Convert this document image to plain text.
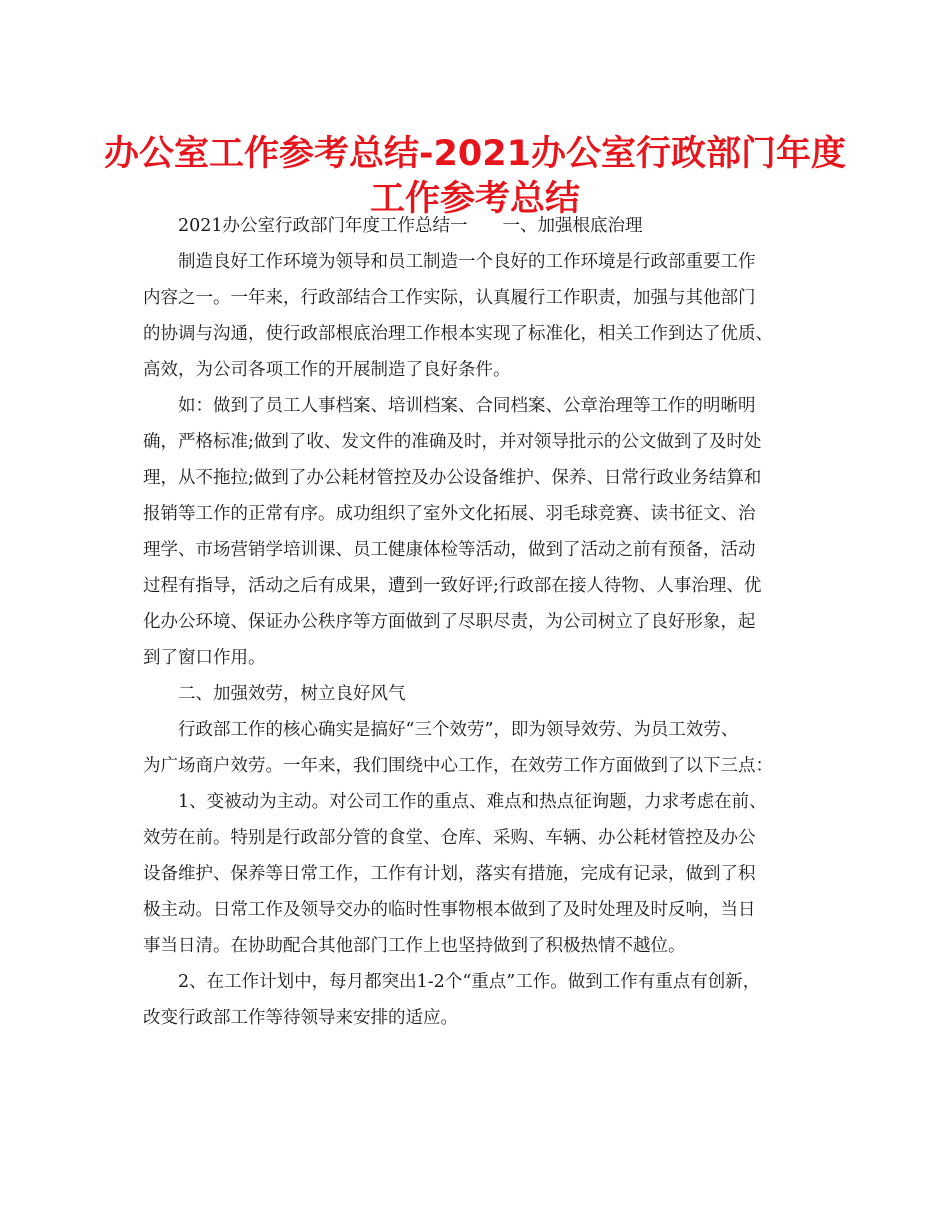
办公室工作参考总结-2021办公室行政部门年度
工作参考总结
2021办公室行政部门年度工作总结一　　一、加强根底治理
制造良好工作环境为领导和员工制造一个良好的工作环境是行政部重要工作
内容之一。一年来，行政部结合工作实际，认真履行工作职责，加强与其他部门
的协调与沟通，使行政部根底治理工作根本实现了标准化，相关工作到达了优质、
高效，为公司各项工作的开展制造了良好条件。
如：做到了员工人事档案、培训档案、合同档案、公章治理等工作的明晰明
确，严格标准;做到了收、发文件的准确及时，并对领导批示的公文做到了及时处
理，从不拖拉;做到了办公耗材管控及办公设备维护、保养、日常行政业务结算和
报销等工作的正常有序。成功组织了室外文化拓展、羽毛球竞赛、读书征文、治
理学、市场营销学培训课、员工健康体检等活动，做到了活动之前有预备，活动
过程有指导，活动之后有成果，遭到一致好评;行政部在接人待物、人事治理、优
化办公环境、保证办公秩序等方面做到了尽职尽责，为公司树立了良好形象，起
到了窗口作用。
二、加强效劳，树立良好风气
行政部工作的核心确实是搞好“三个效劳”，即为领导效劳、为员工效劳、
为广场商户效劳。一年来，我们围绕中心工作，在效劳工作方面做到了以下三点：
1、变被动为主动。对公司工作的重点、难点和热点征询题，力求考虑在前、
效劳在前。特别是行政部分管的食堂、仓库、采购、车辆、办公耗材管控及办公
设备维护、保养等日常工作，工作有计划，落实有措施，完成有记录，做到了积
极主动。日常工作及领导交办的临时性事物根本做到了及时处理及时反响，当日
事当日清。在协助配合其他部门工作上也坚持做到了积极热情不越位。
2、在工作计划中，每月都突出1-2个“重点”工作。做到工作有重点有创新，
改变行政部工作等待领导来安排的适应。
